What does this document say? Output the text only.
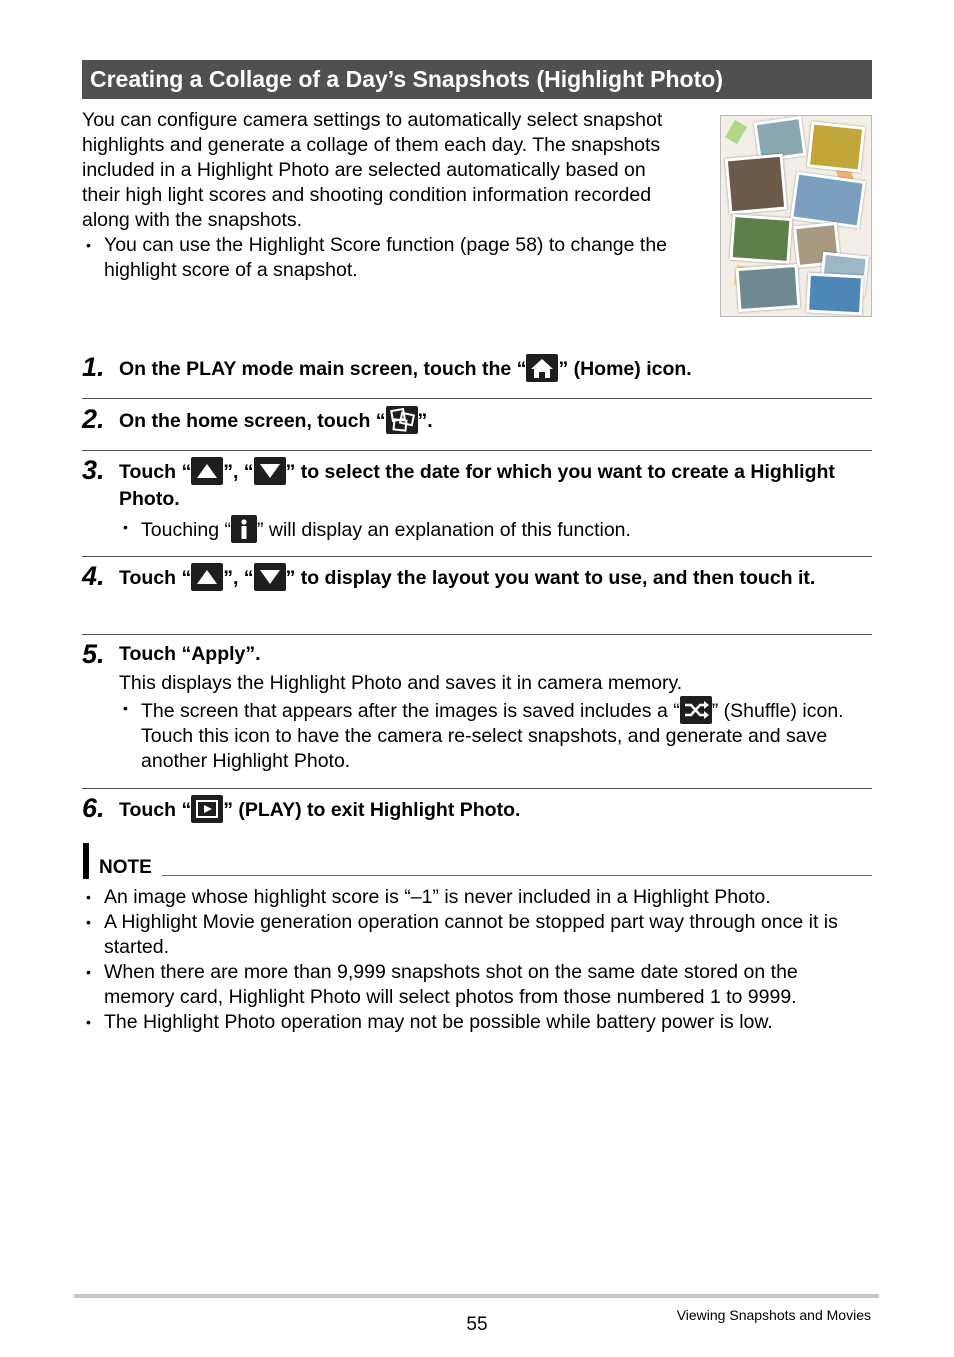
Creating a Collage of a Day’s Snapshots (Highlight Photo)

You can configure camera settings to automatically select snapshot highlights and generate a collage of them each day. The snapshots included in a Highlight Photo are selected automatically based on their high light scores and shooting condition information recorded along with the snapshots.

• You can use the Highlight Score function (page 58) to change the highlight score of a snapshot.

1. On the PLAY mode main screen, touch the “ ” (Home) icon.
2. On the home screen, touch “ ”.
3. Touch “ ”, “ ” to select the date for which you want to create a Highlight Photo.
• Touching “ ” will display an explanation of this function.
4. Touch “ ”, “ ” to display the layout you want to use, and then touch it.
5. Touch “Apply”.
This displays the Highlight Photo and saves it in camera memory.
• The screen that appears after the images is saved includes a “ ” (Shuffle) icon. Touch this icon to have the camera re-select snapshots, and generate and save another Highlight Photo.
6. Touch “ ” (PLAY) to exit Highlight Photo.
NOTE
• An image whose highlight score is “–1” is never included in a Highlight Photo.
• A Highlight Movie generation operation cannot be stopped part way through once it is started.
• When there are more than 9,999 snapshots shot on the same date stored on the memory card, Highlight Photo will select photos from those numbered 1 to 9999.
• The Highlight Photo operation may not be possible while battery power is low.
55	Viewing Snapshots and Movies
